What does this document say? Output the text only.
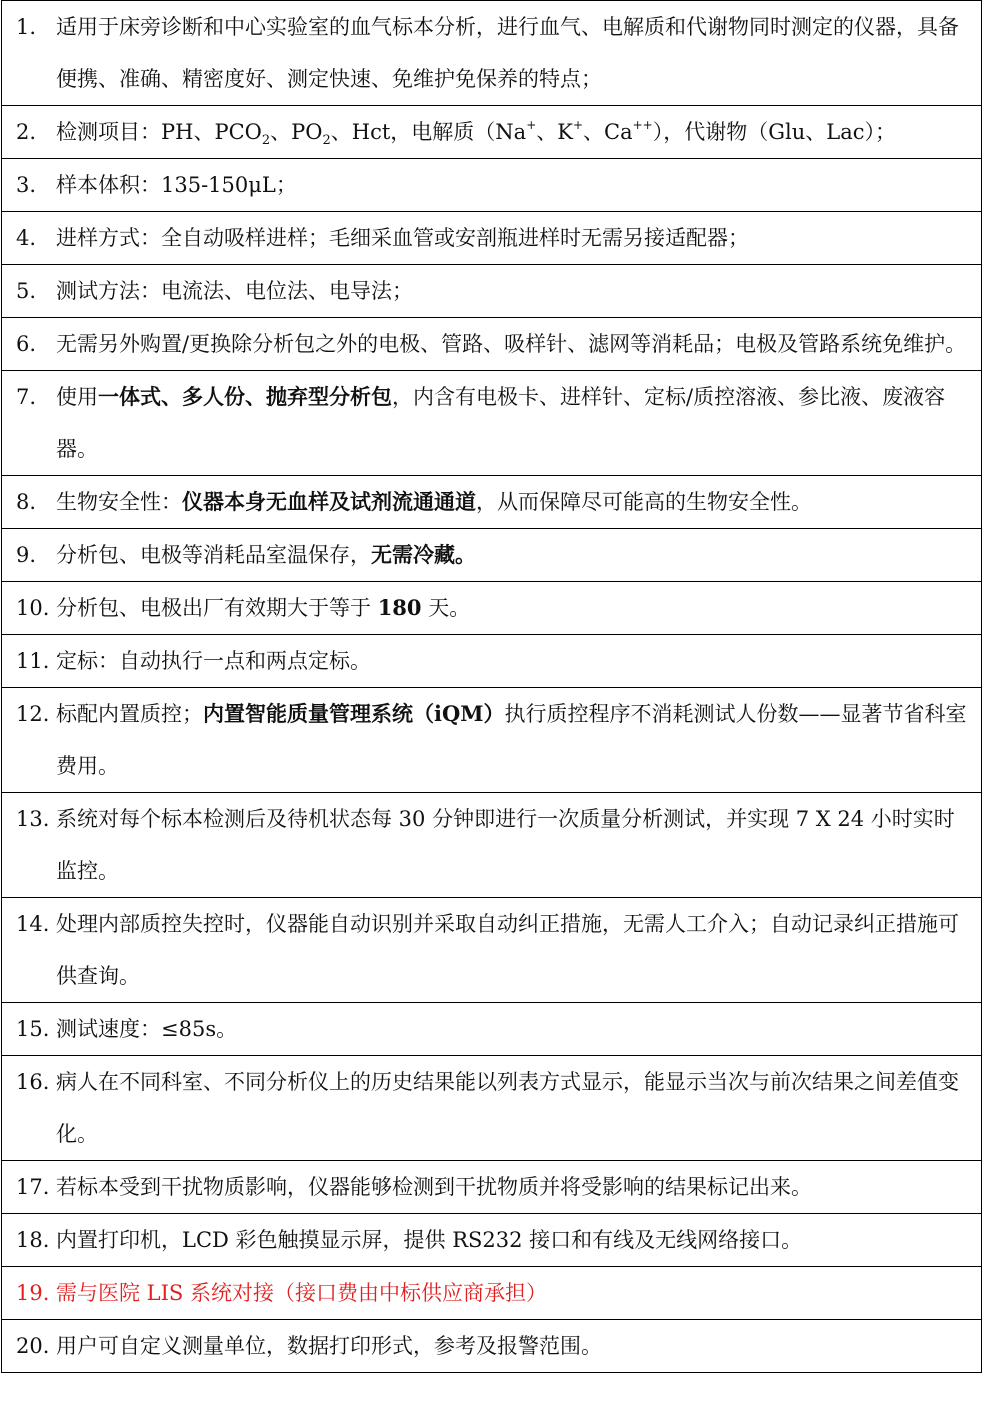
1. 适用于床旁诊断和中心实验室的血气标本分析，进行血气、电解质和代谢物同时测定的仪器，具备便携、准确、精密度好、测定快速、免维护免保养的特点；

2. 检测项目：PH、$PCO_2$、$PO_2$、Hct，电解质（Na+、K+、Ca++），代谢物（Glu、Lac）；

3. 样本体积：135-150μL；

4. 进样方式：全自动吸样进样；毛细采血管或安剖瓶进样时无需另接适配器；

5. 测试方法：电流法、电位法、电导法；

6. 无需另外购置/更换除分析包之外的电极、管路、吸样针、滤网等消耗品；电极及管路系统免维护。

7. 使用一体式、多人份、抛弃型分析包，内含有电极卡、进样针、定标/质控溶液、参比液、废液容器。

8. 生物安全性：仪器本身无血样及试剂流通通道，从而保障尽可能高的生物安全性。

9. 分析包、电极等消耗品室温保存，无需冷藏。

10. 分析包、电极出厂有效期大于等于 180 天。

11. 定标：自动执行一点和两点定标。

12. 标配内置质控；内置智能质量管理系统（iQM）执行质控程序不消耗测试人份数——显著节省科室费用。

13. 系统对每个标本检测后及待机状态每 30 分钟即进行一次质量分析测试，并实现 7 X 24 小时实时监控。

14. 处理内部质控失控时，仪器能自动识别并采取自动纠正措施，无需人工介入；自动记录纠正措施可供查询。

15. 测试速度：≤85s。

16. 病人在不同科室、不同分析仪上的历史结果能以列表方式显示，能显示当次与前次结果之间差值变化。

17. 若标本受到干扰物质影响，仪器能够检测到干扰物质并将受影响的结果标记出来。

18. 内置打印机，LCD 彩色触摸显示屏，提供 RS232 接口和有线及无线网络接口。

19. 需与医院 LIS 系统对接（接口费由中标供应商承担）

20. 用户可自定义测量单位，数据打印形式，参考及报警范围。
